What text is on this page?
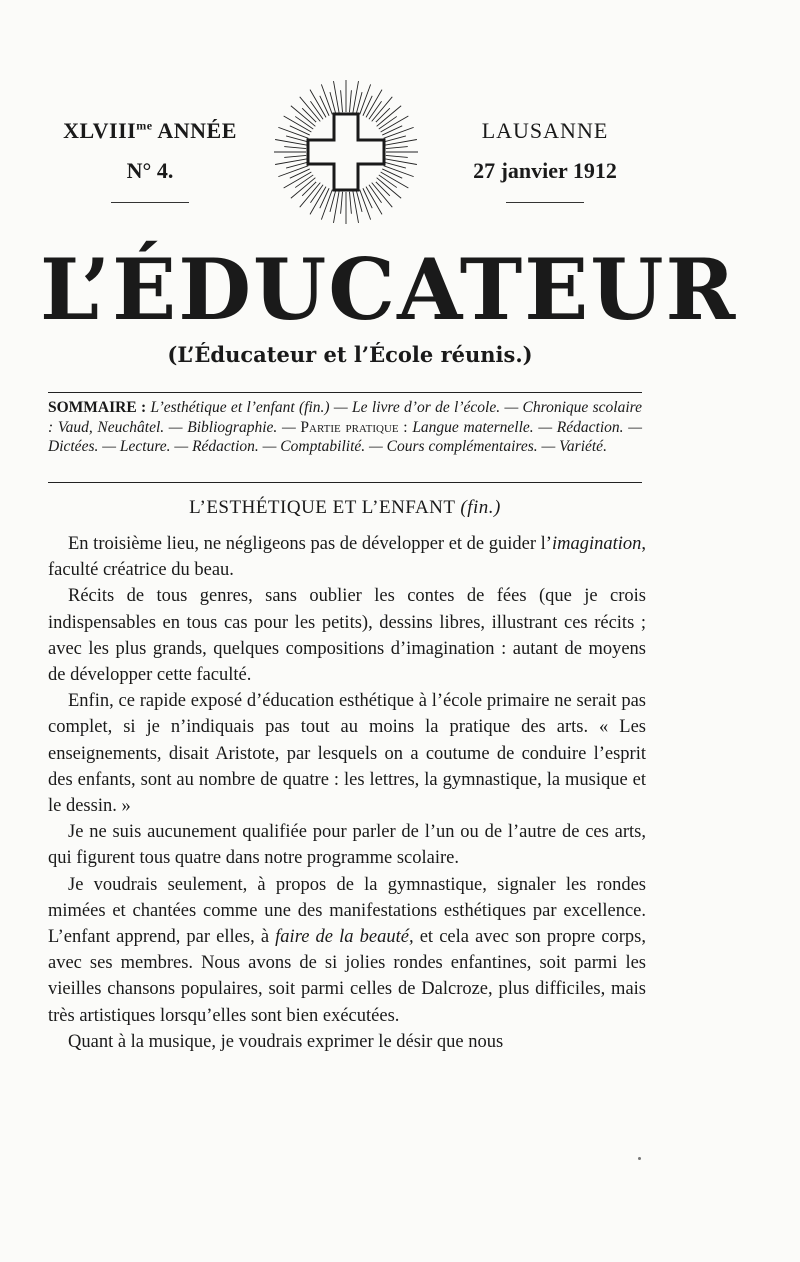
$XLVIII^{me}$ ANNÉE
N° 4.
LAUSANNE
27 janvier 1912
L’ÉDUCATEUR
(L’Éducateur et l’École réunis.)
SOMMAIRE : L’esthétique et l’enfant (fin.) — Le livre d’or de l’école. — Chronique scolaire : Vaud, Neuchâtel. — Bibliographie. — Partie pratique : Langue maternelle. — Rédaction. — Dictées. — Lecture. — Rédaction. — Comptabilité. — Cours complémentaires. — Variété.
L’ESTHÉTIQUE ET L’ENFANT (fin.)

En troisième lieu, ne négligeons pas de développer et de guider l’imagination, faculté créatrice du beau.

Récits de tous genres, sans oublier les contes de fées (que je crois indispensables en tous cas pour les petits), dessins libres, illustrant ces récits ; avec les plus grands, quelques compositions d’imagination : autant de moyens de développer cette faculté.

Enfin, ce rapide exposé d’éducation esthétique à l’école primaire ne serait pas complet, si je n’indiquais pas tout au moins la pratique des arts. « Les enseignements, disait Aristote, par lesquels on a coutume de conduire l’esprit des enfants, sont au nombre de quatre : les lettres, la gymnastique, la musique et le dessin. »

Je ne suis aucunement qualifiée pour parler de l’un ou de l’autre de ces arts, qui figurent tous quatre dans notre programme scolaire.

Je voudrais seulement, à propos de la gymnastique, signaler les rondes mimées et chantées comme une des manifestations esthétiques par excellence. L’enfant apprend, par elles, à faire de la beauté, et cela avec son propre corps, avec ses membres. Nous avons de si jolies rondes enfantines, soit parmi les vieilles chansons populaires, soit parmi celles de Dalcroze, plus difficiles, mais très artistiques lorsqu’elles sont bien exécutées.

Quant à la musique, je voudrais exprimer le désir que nous
